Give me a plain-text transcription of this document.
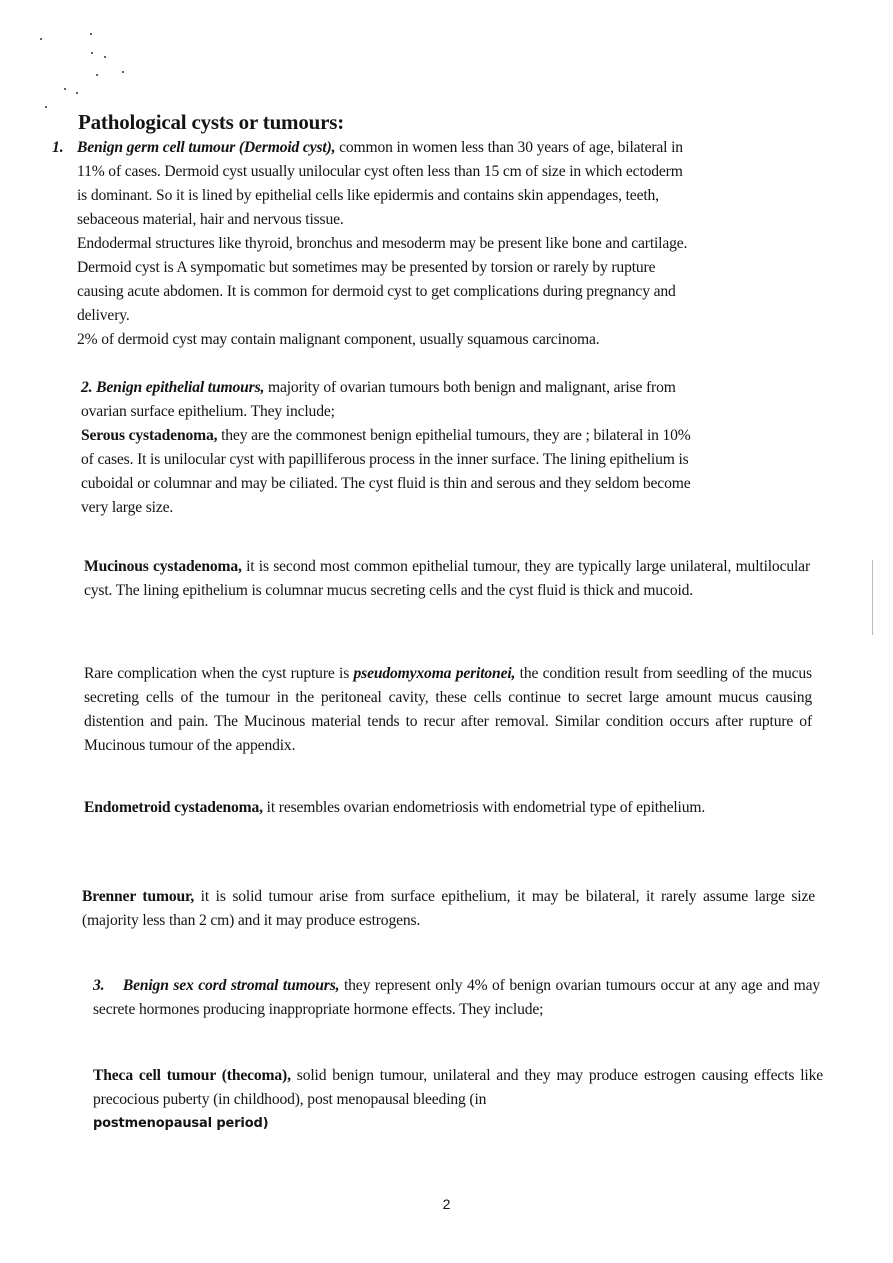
Pathological cysts or tumours:
1. Benign germ cell tumour (Dermoid cyst), common in women less than 30 years of age, bilateral in

11% of cases. Dermoid cyst usually unilocular cyst often less than 15 cm of size in which ectoderm

is dominant. So it is lined by epithelial cells like epidermis and contains skin appendages, teeth,

sebaceous material, hair and nervous tissue.

Endodermal structures like thyroid, bronchus and mesoderm may be present like bone and cartilage.

Dermoid cyst is A sympomatic but sometimes may be presented by torsion or rarely by rupture

causing acute abdomen. It is common for dermoid cyst to get complications during pregnancy and

delivery.

2% of dermoid cyst may contain malignant component, usually squamous carcinoma.

2. Benign epithelial tumours, majority of ovarian tumours both benign and malignant, arise from

ovarian surface epithelium. They include;

Serous cystadenoma, they are the commonest benign epithelial tumours, they are ; bilateral in 10%

of cases. It is unilocular cyst with papilliferous process in the inner surface. The lining epithelium is

cuboidal or columnar and may be ciliated. The cyst fluid is thin and serous and they seldom become

very large size.

Mucinous cystadenoma, it is second most common epithelial tumour, they are typically large unilateral, multilocular cyst. The lining epithelium is columnar mucus secreting cells and the cyst fluid is thick and mucoid.

Rare complication when the cyst rupture is pseudomyxoma peritonei, the condition result from seedling of the mucus secreting cells of the tumour in the peritoneal cavity, these cells continue to secret large amount mucus causing distention and pain. The Mucinous material tends to recur after removal. Similar condition occurs after rupture of Mucinous tumour of the appendix.

Endometroid cystadenoma, it resembles ovarian endometriosis with endometrial type of epithelium.

Brenner tumour, it is solid tumour arise from surface epithelium, it may be bilateral, it rarely assume large size (majority less than 2 cm) and it may produce estrogens.

3. Benign sex cord stromal tumours, they represent only 4% of benign ovarian tumours occur at any age and may secrete hormones producing inappropriate hormone effects. They include;

Theca cell tumour (thecoma), solid benign tumour, unilateral and they may produce estrogen causing effects like precocious puberty (in childhood), post menopausal bleeding (in

postmenopausal period)

2
